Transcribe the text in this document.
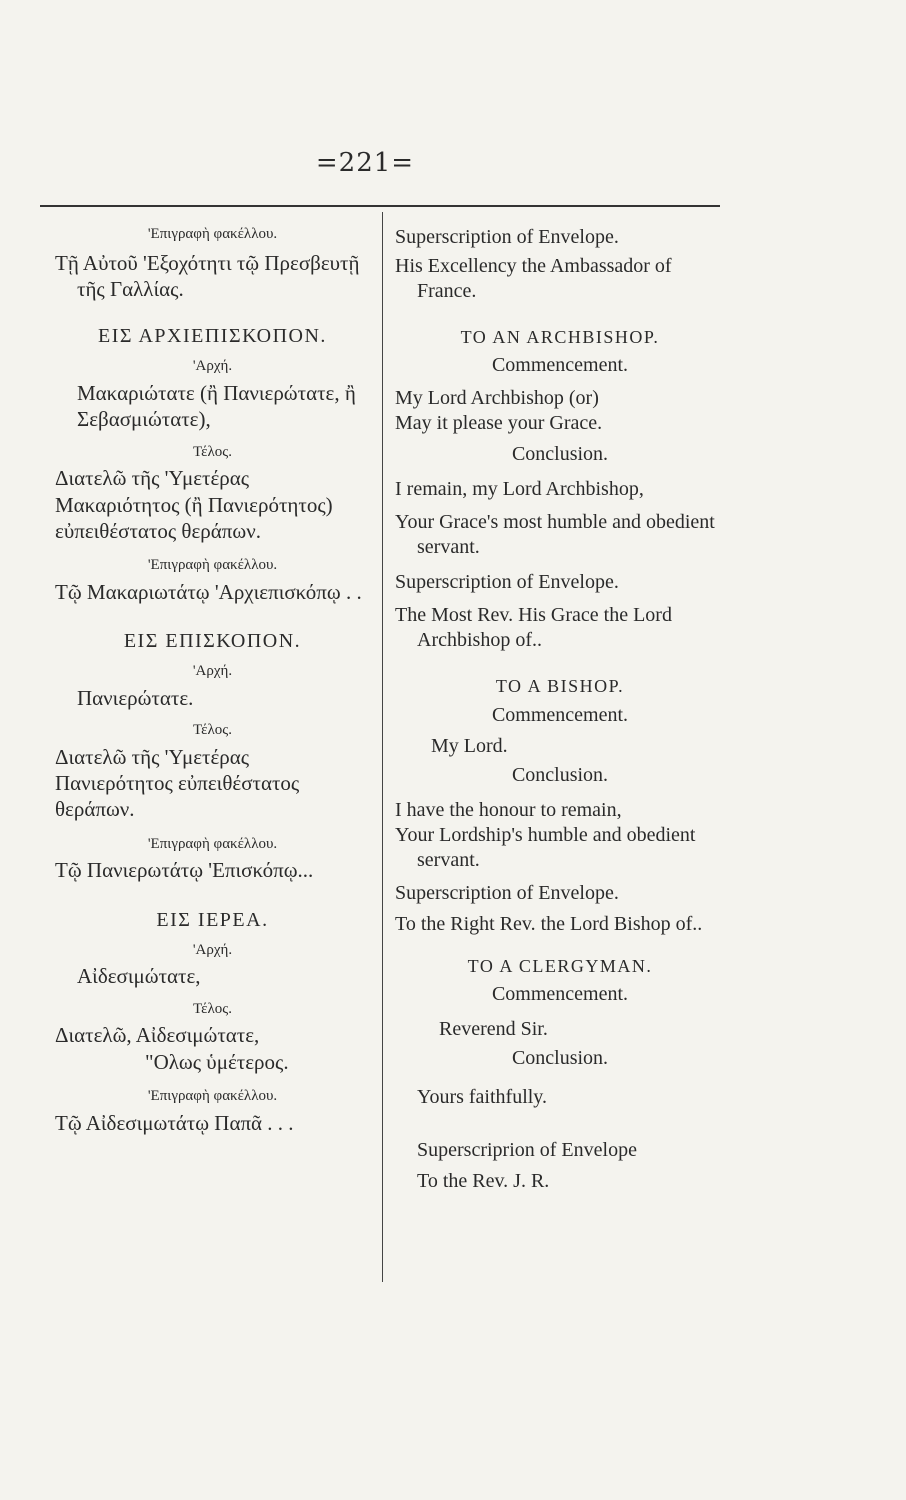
=221=

'Επιγραφὴ φακέλλου.

Τῇ Αὐτοῦ 'Εξοχότητι τῷ Πρεσβευτῇ τῆς Γαλλίας.

ΕΙΣ ΑΡΧΙΕΠΙΣΚΟΠΟΝ.

'Αρχή.

Μακαριώτατε (ἢ Πανιερώτατε, ἢ Σεβασμιώτατε),

Τέλος.

Διατελῶ τῆς 'Υμετέρας Μακαριότητος (ἢ Πανιερότητος) εὐπειθέστατος θεράπων.

'Επιγραφὴ φακέλλου.

Τῷ Μακαριωτάτῳ 'Αρχιεπισκόπῳ . .

ΕΙΣ ΕΠΙΣΚΟΠΟΝ.

'Αρχή.

Πανιερώτατε.

Τέλος.

Διατελῶ τῆς 'Υμετέρας Πανιερότητος εὐπειθέστατος θεράπων.

'Επιγραφὴ φακέλλου.

Τῷ Πανιερωτάτῳ 'Επισκόπῳ...

ΕΙΣ ΙΕΡΕΑ.

'Αρχή.

Αἰδεσιμώτατε,

Τέλος.

Διατελῶ, Αἰδεσιμώτατε,

"Ολως ὑμέτερος.

'Επιγραφὴ φακέλλου.

Τῷ Αἰδεσιμωτάτῳ Παπᾶ . . .

Superscription of Envelope.

His Excellency the Ambassador of France.

TO AN ARCHBISHOP.

Commencement.

My Lord Archbishop (or)

May it please your Grace.

Conclusion.

I remain, my Lord Archbishop,

Your Grace's most humble and obedient servant.

Superscription of Envelope.

The Most Rev. His Grace the Lord Archbishop of..

TO A BISHOP.

Commencement.

My Lord.

Conclusion.

I have the honour to remain,

Your Lordship's humble and obedient servant.

Superscription of Envelope.

To the Right Rev. the Lord Bishop of..

TO A CLERGYMAN.

Commencement.

Reverend Sir.

Conclusion.

Yours faithfully.

Superscriprion of Envelope

To the Rev. J. R.
